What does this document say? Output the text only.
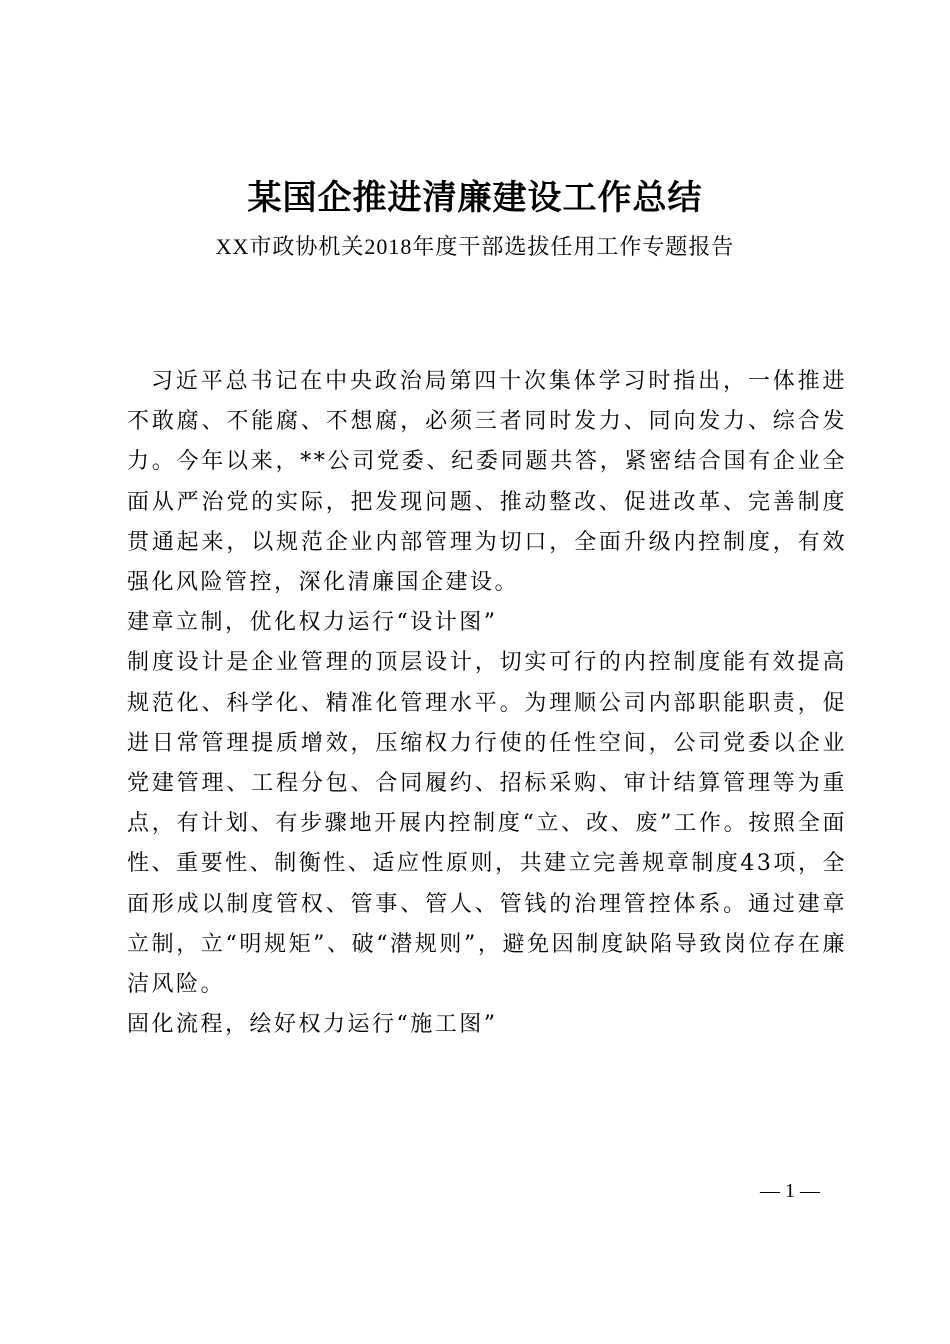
某国企推进清廉建设工作总结
XX市政协机关2018年度干部选拔任用工作专题报告

习近平总书记在中央政治局第四十次集体学习时指出，一体推进不敢腐、不能腐、不想腐，必须三者同时发力、同向发力、综合发力。今年以来，**公司党委、纪委同题共答，紧密结合国有企业全面从严治党的实际，把发现问题、推动整改、促进改革、完善制度贯通起来，以规范企业内部管理为切口，全面升级内控制度，有效强化风险管控，深化清廉国企建设。

建章立制，优化权力运行“设计图”

制度设计是企业管理的顶层设计，切实可行的内控制度能有效提高规范化、科学化、精准化管理水平。为理顺公司内部职能职责，促进日常管理提质增效，压缩权力行使的任性空间，公司党委以企业党建管理、工程分包、合同履约、招标采购、审计结算管理等为重点，有计划、有步骤地开展内控制度“立、改、废”工作。按照全面性、重要性、制衡性、适应性原则，共建立完善规章制度43项，全面形成以制度管权、管事、管人、管钱的治理管控体系。通过建章立制，立“明规矩”、破“潜规则”，避免因制度缺陷导致岗位存在廉洁风险。

固化流程，绘好权力运行“施工图”

— 1 —
